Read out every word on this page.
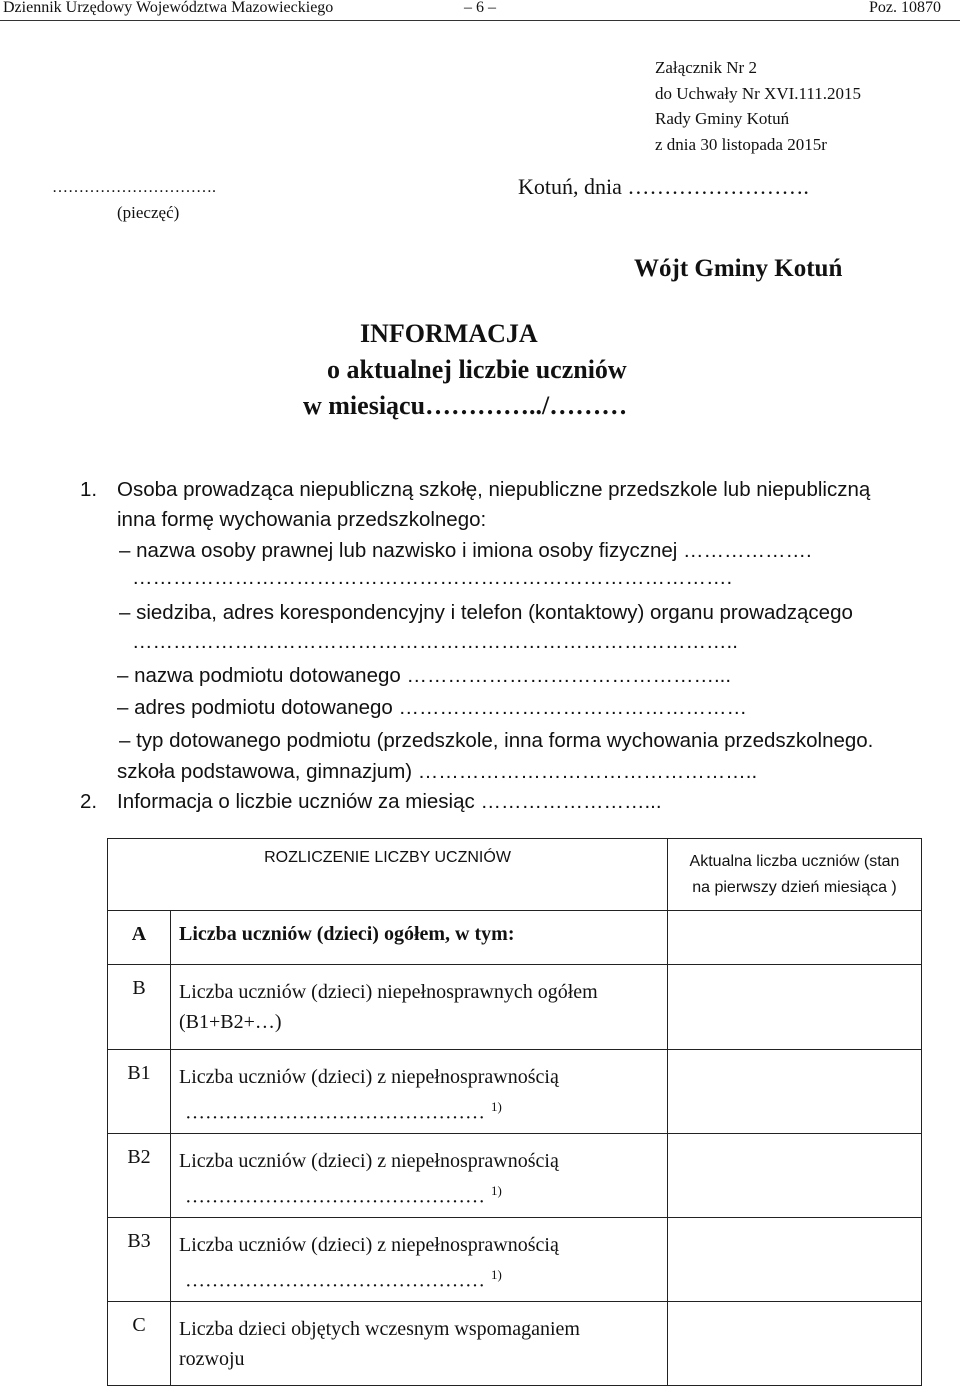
Dziennik Urzędowy Województwa Mazowieckiego	– 6 –	Poz. 10870
Załącznik Nr 2
do Uchwały Nr XVI.111.2015
Rady Gminy Kotuń
z dnia 30 listopada 2015r
………………………….
(pieczęć)
Kotuń, dnia …………………….
Wójt Gminy Kotuń
INFORMACJA
o aktualnej liczbie uczniów
w miesiącu…………../………
1. Osoba prowadząca niepubliczną szkołę, niepubliczne przedszkole lub niepubliczną
inna formę wychowania przedszkolnego:
– nazwa osoby prawnej lub nazwisko i imiona osoby fizycznej ……………….
…………………………………………………………………………….
– siedziba, adres korespondencyjny i telefon (kontaktowy) organu prowadzącego
……………………………………………………………………………..
– nazwa podmiotu dotowanego ………………………………………...
– adres podmiotu dotowanego ……………………………………………
– typ dotowanego podmiotu (przedszkole, inna forma wychowania przedszkolnego.
szkoła podstawowa, gimnazjum) …………………………………………..
2. Informacja o liczbie uczniów za miesiąc ……………………...
ROZLICZENIE LICZBY UCZNIÓW		Aktualna liczba uczniów (stan
na pierwszy dzień miesiąca )

A	Liczba uczniów (dzieci) ogółem, w tym:	

B	Liczba uczniów (dzieci) niepełnosprawnych ogółem
(B1+B2+…)	

B1	Liczba uczniów (dzieci) z niepełnosprawnością
……………………………………… $^{1)}$

B2	Liczba uczniów (dzieci) z niepełnosprawnością
……………………………………… $^{1)}$

B3	Liczba uczniów (dzieci) z niepełnosprawnością
……………………………………… $^{1)}$

C	Liczba dzieci objętych wczesnym wspomaganiem
rozwoju	
